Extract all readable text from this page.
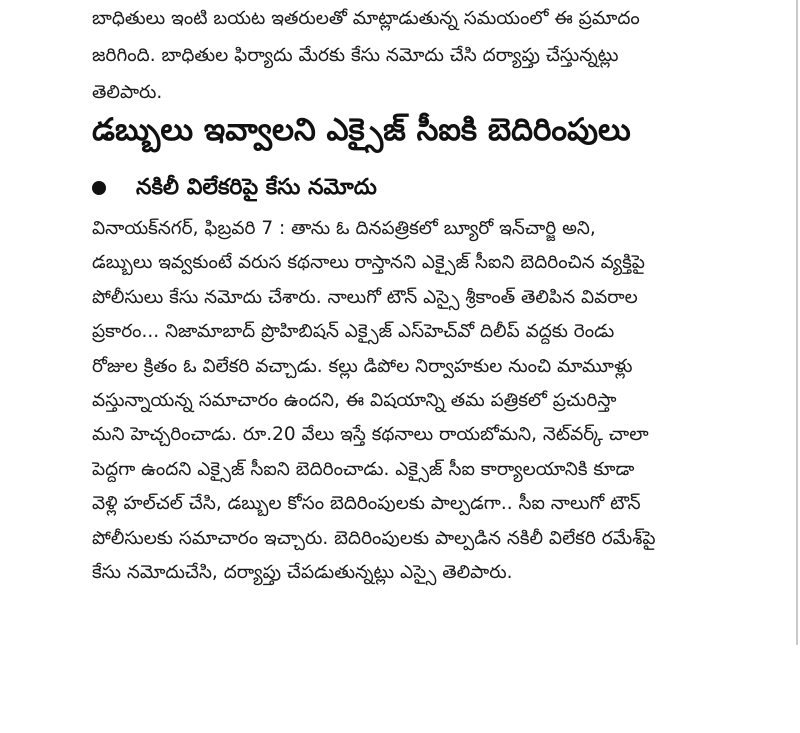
బాధితులు ఇంటి బయట ఇతరులతో మాట్లాడుతున్న సమయంలో ఈ ప్రమాదం
జరిగింది. బాధితుల ఫిర్యాదు మేరకు కేసు నమోదు చేసి దర్యాప్తు చేస్తున్నట్లు
తెలిపారు.
డబ్బులు ఇవ్వాలని ఎక్సైజ్ సీఐకి బెదిరింపులు
నకిలీ విలేకరిపై కేసు నమోదు
వినాయక్‌నగర్, ఫిబ్రవరి 7 : తాను ఓ దినపత్రికలో బ్యూరో ఇన్‌చార్జి అని,
డబ్బులు ఇవ్వకుంటే వరుస కథనాలు రాస్తానని ఎక్సైజ్ సీఐని బెదిరించిన వ్యక్తిపై
పోలీసులు కేసు నమోదు చేశారు. నాలుగో టౌన్ ఎస్సై శ్రీకాంత్ తెలిపిన వివరాల
ప్రకారం... నిజామాబాద్ ప్రొహిబిషన్ ఎక్సైజ్ ఎస్‌హెచ్‌వో దిలీప్ వద్దకు రెండు
రోజుల క్రితం ఓ విలేకరి వచ్చాడు. కల్లు డిపోల నిర్వాహకుల నుంచి మామూళ్లు
వస్తున్నాయన్న సమాచారం ఉందని, ఈ విషయాన్ని తమ పత్రికలో ప్రచురిస్తా
మని హెచ్చరించాడు. రూ.20 వేలు ఇస్తే కథనాలు రాయబోమని, నెట్‌వర్క్ చాలా
పెద్దగా ఉందని ఎక్సైజ్ సీఐని బెదిరించాడు. ఎక్సైజ్ సీఐ కార్యాలయానికి కూడా
వెళ్లి హల్‌చల్ చేసి, డబ్బుల కోసం బెదిరింపులకు పాల్పడగా.. సీఐ నాలుగో టౌన్
పోలీసులకు సమాచారం ఇచ్చారు. బెదిరింపులకు పాల్పడిన నకిలీ విలేకరి రమేశ్‌పై
కేసు నమోదుచేసి, దర్యాప్తు చేపడుతున్నట్లు ఎస్సై తెలిపారు.
